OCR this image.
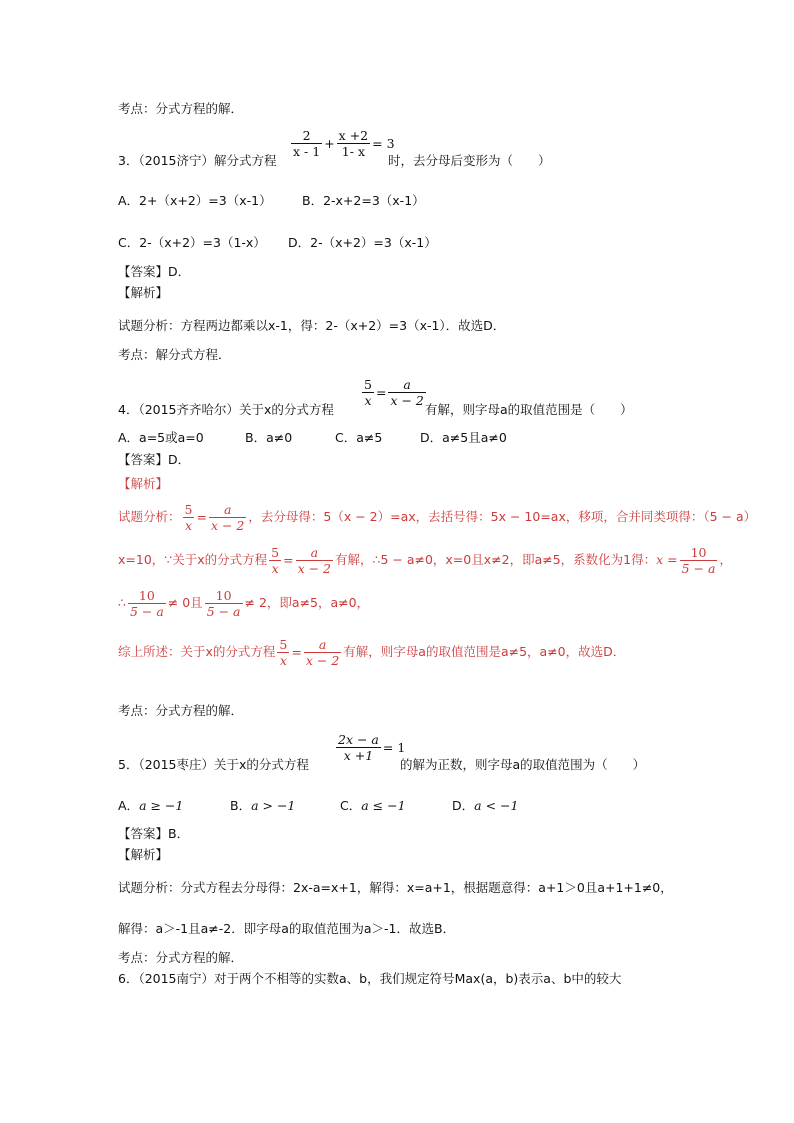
考点：分式方程的解．
3．（2015济宁）解分式方程
$\frac{2}{x - 1} + \frac{x +2}{1- x} = 3$
时，去分母后变形为（　　）
A．2+（x+2）=3（x-1） B．2-x+2=3（x-1）
C．2-（x+2）=3（1-x） D．2-（x+2）=3（x-1）
【答案】D．
【解析】
试题分析：方程两边都乘以x-1，得：2-（x+2）=3（x-1）．故选D．
考点：解分式方程．
4．（2015齐齐哈尔）关于x的分式方程
$\frac{5}{x} = \frac{a}{x - 2}$
有解，则字母a的取值范围是（　　）
A．a=5或a=0	B．a≠0	C．a≠5	D．a≠5且a≠0
【答案】D．
【解析】
试题分析： $\frac{5}{x} = \frac{a}{x - 2}$ ，去分母得：5（x − 2）=ax，去括号得：5x − 10=ax，移项，合并同类项得：（5 − a）
x=10，∵关于x的分式方程 $\frac{5}{x} = \frac{a}{x - 2}$ 有解，∴5 − a≠0，x=0且x≠2，即a≠5，系数化为1得：$x = \frac{10}{5 - a}$ ，
∴ $\frac{10}{5 - a} \ne 0$且 $\frac{10}{5 - a} \ne 2$，即a≠5，a≠0，
综上所述：关于x的分式方程 $\frac{5}{x} = \frac{a}{x - 2}$ 有解，则字母a的取值范围是a≠5，a≠0，故选D．
考点：分式方程的解．
5．（2015枣庄）关于x的分式方程
$\frac{2x - a}{x +1} = 1$
的解为正数，则字母a的取值范围为（　　）
A．a ≥ −1	B．a > −1	C．a ≤ −1	D．a < −1
【答案】B．
【解析】
试题分析：分式方程去分母得：2x-a=x+1，解得：x=a+1，根据题意得：a+1＞0且a+1+1≠0，
解得：a＞-1且a≠-2．即字母a的取值范围为a＞-1．故选B．
考点：分式方程的解．
6．（2015南宁）对于两个不相等的实数a、b，我们规定符号Max(a，b)表示a、b中的较大
